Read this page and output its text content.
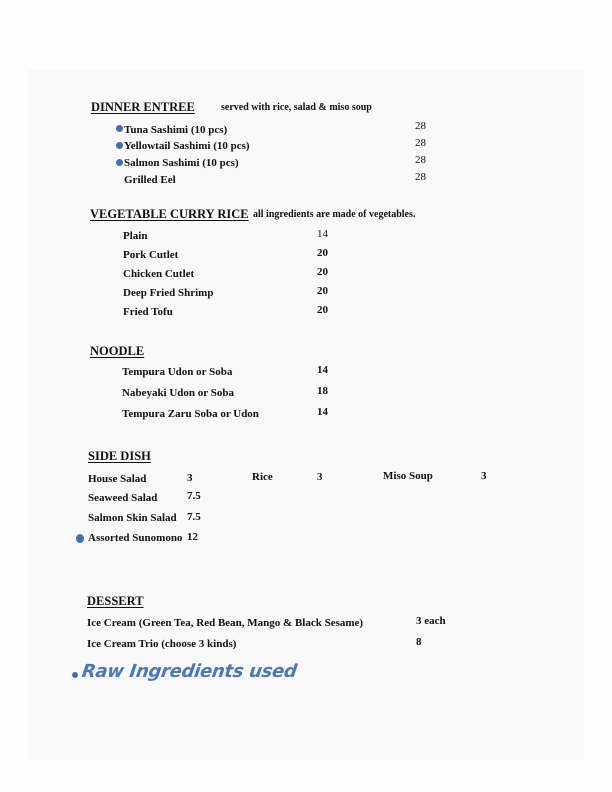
DINNER ENTREE	served with rice, salad & miso soup
Tuna Sashimi (10 pcs)	28
Yellowtail Sashimi (10 pcs)	28
Salmon Sashimi (10 pcs)	28
Grilled Eel	28
VEGETABLE CURRY RICE all ingredients are made of vegetables.
Plain	14
Pork Cutlet	20
Chicken Cutlet	20
Deep Fried Shrimp	20
Fried Tofu	20
NOODLE
Tempura Udon or Soba	14
Nabeyaki Udon or Soba	18
Tempura Zaru Soba or Udon	14
SIDE DISH
House Salad	3	Rice	3	Miso Soup	3
Seaweed Salad	7.5
Salmon Skin Salad 7.5
Assorted Sunomono 12
DESSERT
Ice Cream (Green Tea, Red Bean, Mango & Black Sesame)	3 each
Ice Cream Trio (choose 3 kinds)	8
Raw Ingredients used
